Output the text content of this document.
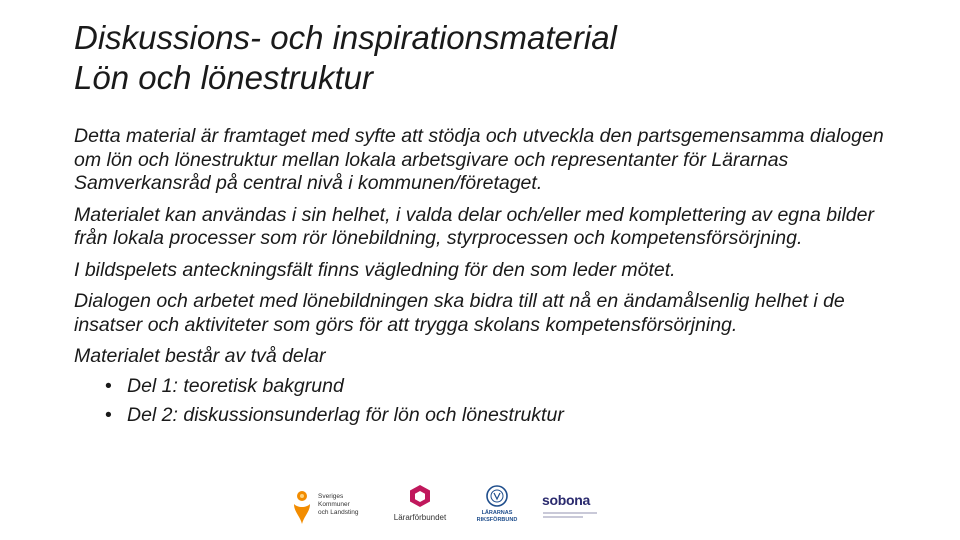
Diskussions- och inspirationsmaterial
Lön och lönestruktur

Detta material är framtaget med syfte att stödja och utveckla den partsgemensamma dialogen om lön och lönestruktur mellan lokala arbetsgivare och representanter för Lärarnas Samverkansråd på central nivå i kommunen/företaget.

Materialet kan användas i sin helhet, i valda delar och/eller med komplettering av egna bilder från lokala processer som rör lönebildning, styrprocessen och kompetensförsörjning.

I bildspelets anteckningsfält finns vägledning för den som leder mötet.

Dialogen och arbetet med lönebildningen ska bidra till att nå en ändamålsenlig helhet i de insatser och aktiviteter som görs för att trygga skolans kompetensförsörjning.

Materialet består av två delar

• Del 1: teoretisk bakgrund
• Del 2: diskussionsunderlag för lön och lönestruktur
Sveriges
Kommuner
och Landsting
Lärarförbundet	LÄRARNAS
RIKSFÖRBUND
sobona
